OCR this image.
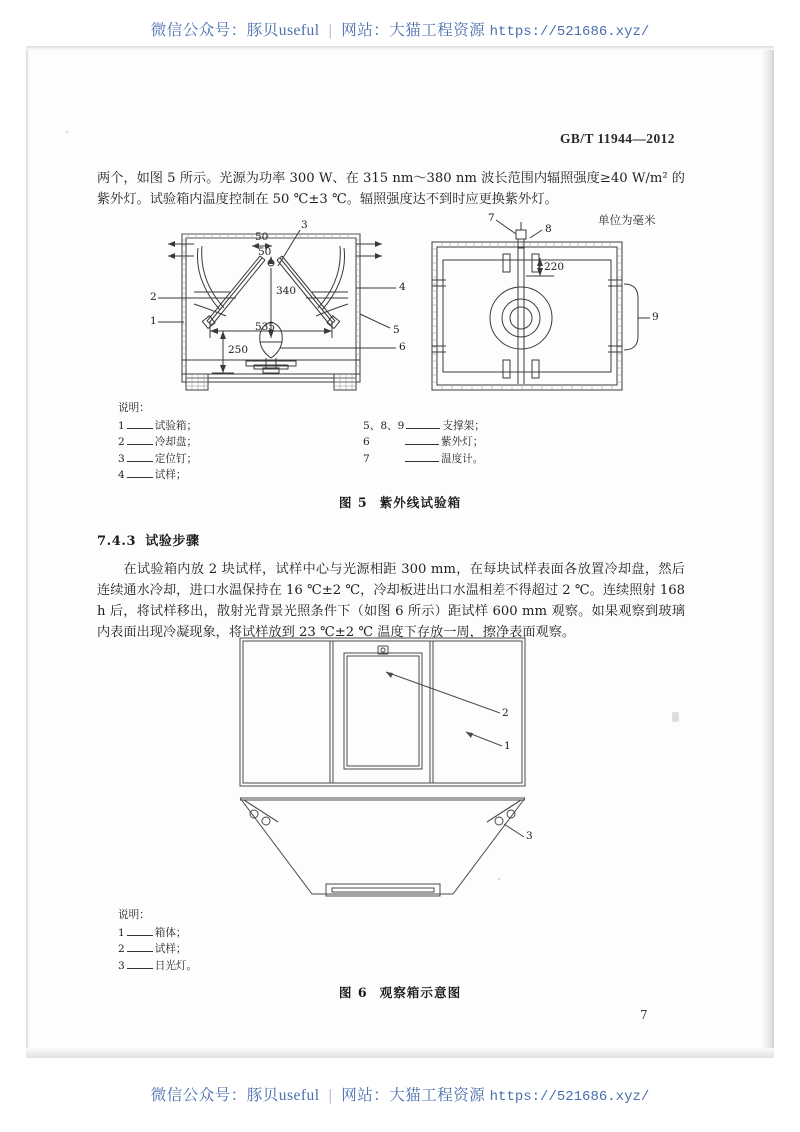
微信公众号：豚贝useful | 网站：大猫工程资源 https://521686.xyz/
GB/T 11944—2012
两个，如图 5 所示。光源为功率 300 W、在 315 nm～380 nm 波长范围内辐照强度≥40 W/m² 的紫外灯。试验箱内温度控制在 50 ℃±3 ℃。辐照强度达不到时应更换紫外灯。
单位为毫米
50
50
340
535
250
220
1
2
3
4
5
6
7
8
9
说明：
1	试验箱；
2	冷却盘；
3	定位钉；
4	试样；
5、8、9	支撑架；
6	紫外灯；
7	温度计。
图 5 紫外线试验箱
7.4.3 试验步骤
在试验箱内放 2 块试样，试样中心与光源相距 300 mm，在每块试样表面各放置冷却盘，然后连续通水冷却，进口水温保持在 16 ℃±2 ℃，冷却板进出口水温相差不得超过 2 ℃。连续照射 168 h 后，将试样移出，散射光背景光照条件下（如图 6 所示）距试样 600 mm 观察。如果观察到玻璃内表面出现冷凝现象，将试样放到 23 ℃±2 ℃ 温度下存放一周，擦净表面观察。
1
2
3
说明：
1	箱体；
2	试样；
3	日光灯。
图 6 观察箱示意图
7
微信公众号：豚贝useful | 网站：大猫工程资源 https://521686.xyz/
